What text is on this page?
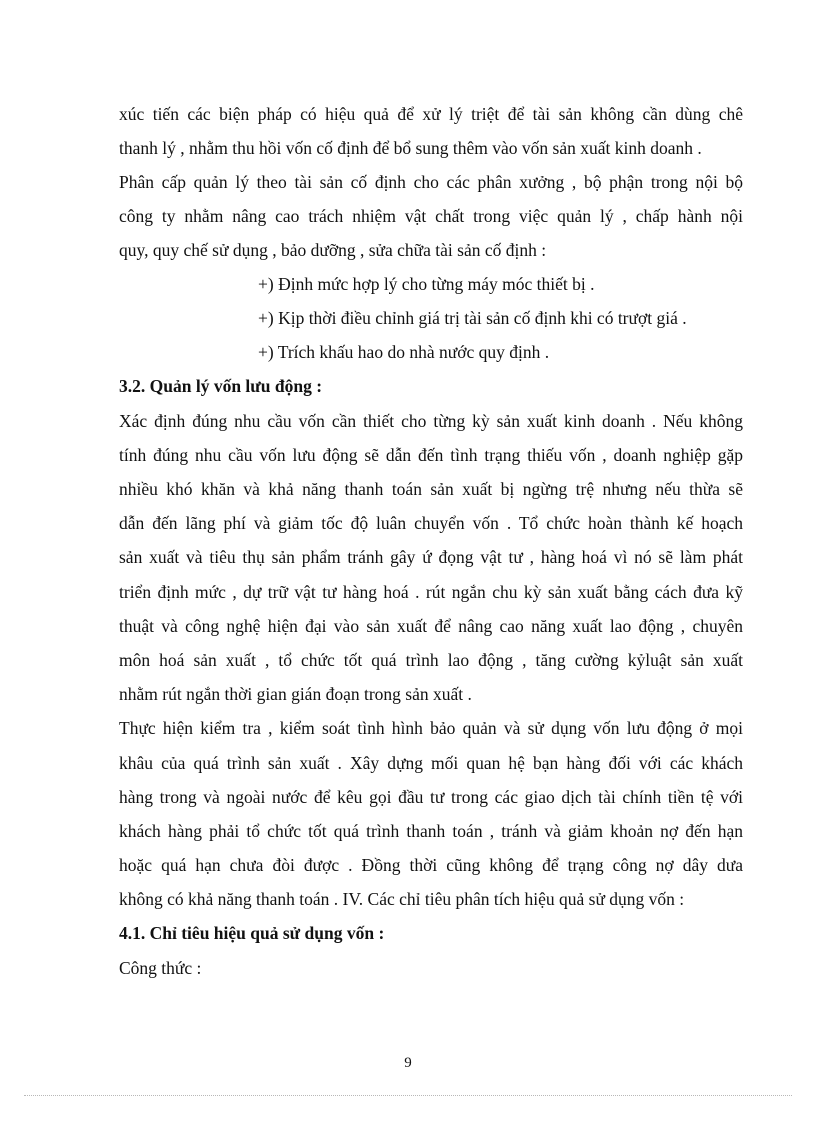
xúc tiến các biện pháp có hiệu quả để xử lý triệt để tài sản không cần dùng chê
thanh lý , nhằm thu hồi vốn cố định để bổ sung thêm vào vốn sản xuất kinh doanh .
Phân cấp quản lý theo tài sản cố định cho các phân xưởng , bộ phận trong nội bộ
công ty nhằm nâng cao trách nhiệm vật chất trong việc quản lý , chấp hành nội
quy, quy chế sử dụng , bảo dưỡng , sửa chữa tài sản cố định :
+) Định mức hợp lý cho từng máy móc thiết bị .
+) Kịp thời điều chỉnh giá trị tài sản cố định khi có trượt giá .
+) Trích khấu hao do nhà nước quy định .
3.2. Quản lý vốn lưu động :
Xác định đúng nhu cầu vốn cần thiết cho từng kỳ sản xuất kinh doanh . Nếu không
tính đúng nhu cầu vốn lưu động sẽ dẫn đến tình trạng thiếu vốn , doanh nghiệp gặp
nhiều khó khăn và khả năng thanh toán sản xuất bị ngừng trệ nhưng nếu thừa sẽ
dẫn đến lãng phí và giảm tốc độ luân chuyển vốn . Tổ chức hoàn thành kế hoạch
sản xuất và tiêu thụ sản phẩm tránh gây ứ đọng vật tư , hàng hoá vì nó sẽ làm phát
triển định mức , dự trữ vật tư hàng hoá . rút ngắn chu kỳ sản xuất bằng cách đưa kỹ
thuật và công nghệ hiện đại vào sản xuất để nâng cao năng xuất lao động , chuyên
môn hoá sản xuất , tổ chức tốt quá trình lao động , tăng cường kỷluật sản xuất
nhằm rút ngắn thời gian gián đoạn trong sản xuất .
Thực hiện kiểm tra , kiểm soát tình hình bảo quản và sử dụng vốn lưu động ở mọi
khâu của quá trình sản xuất . Xây dựng mối quan hệ bạn hàng đối với các khách
hàng trong và ngoài nước để kêu gọi đầu tư trong các giao dịch tài chính tiền tệ với
khách hàng phải tổ chức tốt quá trình thanh toán , tránh và giảm khoản nợ đến hạn
hoặc quá hạn chưa đòi được . Đồng thời cũng không để trạng công nợ dây dưa
không có khả năng thanh toán . IV. Các chỉ tiêu phân tích hiệu quả sử dụng vốn :
4.1. Chỉ tiêu hiệu quả sử dụng vốn :
Công thức :
9
